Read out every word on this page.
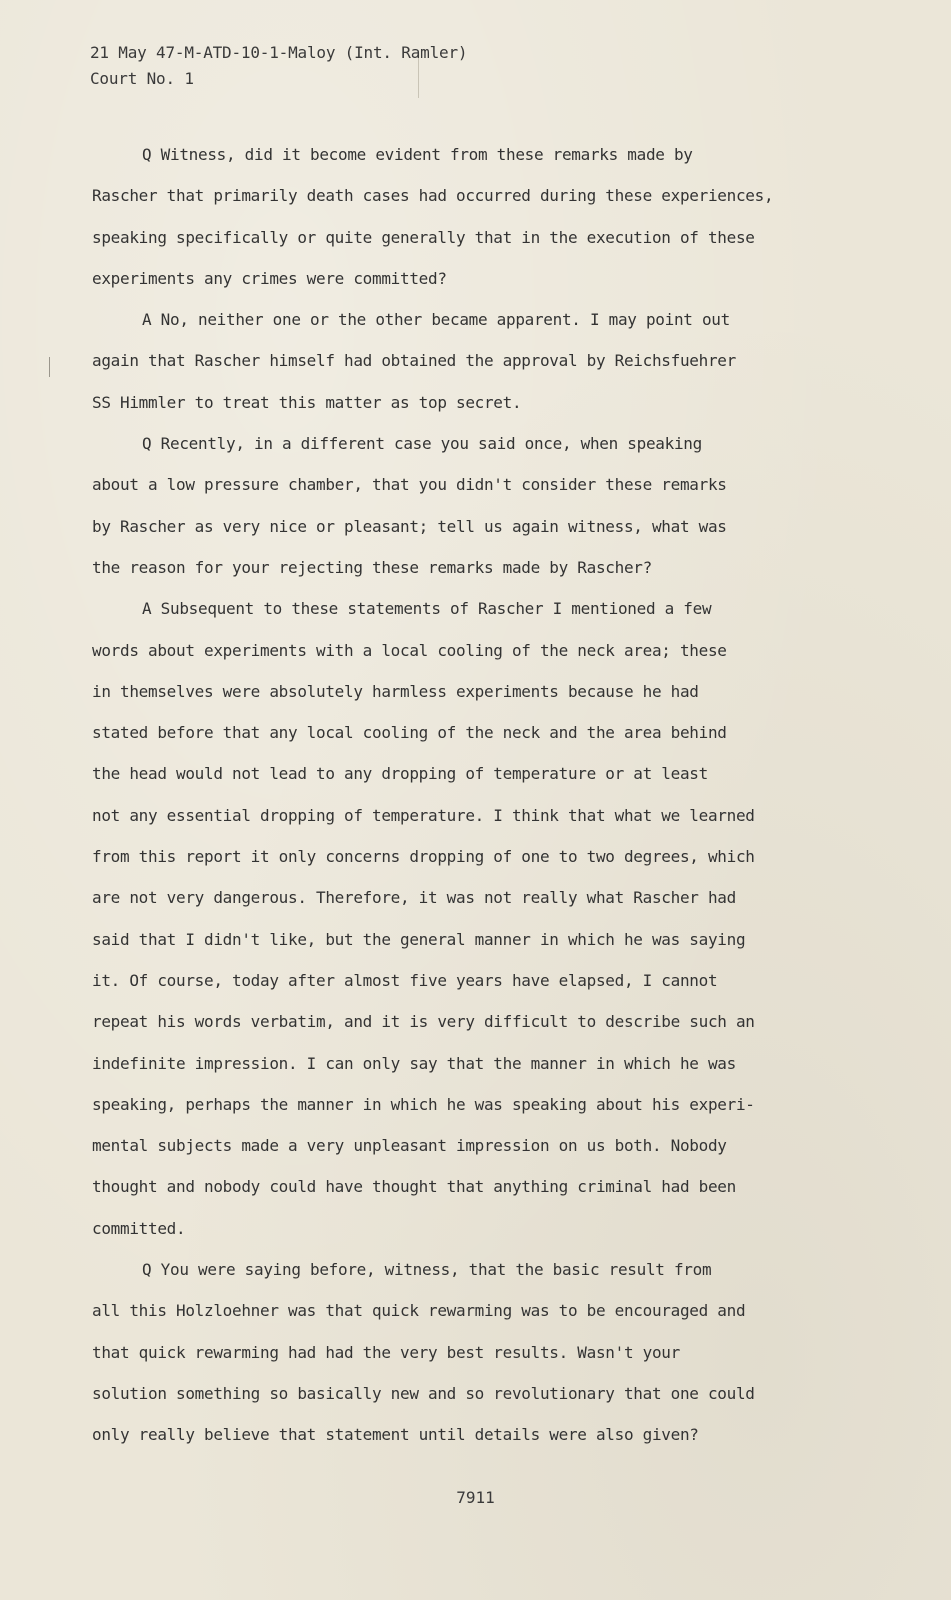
21 May 47-M-ATD-10-1-Maloy (Int. Ramler)
Court No. 1
Q Witness, did it become evident from these remarks made by
Rascher that primarily death cases had occurred during these experiences,
speaking specifically or quite generally that in the execution of these
experiments any crimes were committed?
A No, neither one or the other became apparent. I may point out
again that Rascher himself had obtained the approval by Reichsfuehrer
SS Himmler to treat this matter as top secret.
Q Recently, in a different case you said once, when speaking
about a low pressure chamber, that you didn't consider these remarks
by Rascher as very nice or pleasant; tell us again witness, what was
the reason for your rejecting these remarks made by Rascher?
A Subsequent to these statements of Rascher I mentioned a few
words about experiments with a local cooling of the neck area; these
in themselves were absolutely harmless experiments because he had
stated before that any local cooling of the neck and the area behind
the head would not lead to any dropping of temperature or at least
not any essential dropping of temperature. I think that what we learned
from this report it only concerns dropping of one to two degrees, which
are not very dangerous. Therefore, it was not really what Rascher had
said that I didn't like, but the general manner in which he was saying
it. Of course, today after almost five years have elapsed, I cannot
repeat his words verbatim, and it is very difficult to describe such an
indefinite impression. I can only say that the manner in which he was
speaking, perhaps the manner in which he was speaking about his experi-
mental subjects made a very unpleasant impression on us both. Nobody
thought and nobody could have thought that anything criminal had been
committed.
Q You were saying before, witness, that the basic result from
all this Holzloehner was that quick rewarming was to be encouraged and
that quick rewarming had had the very best results. Wasn't your
solution something so basically new and so revolutionary that one could
only really believe that statement until details were also given?
7911
